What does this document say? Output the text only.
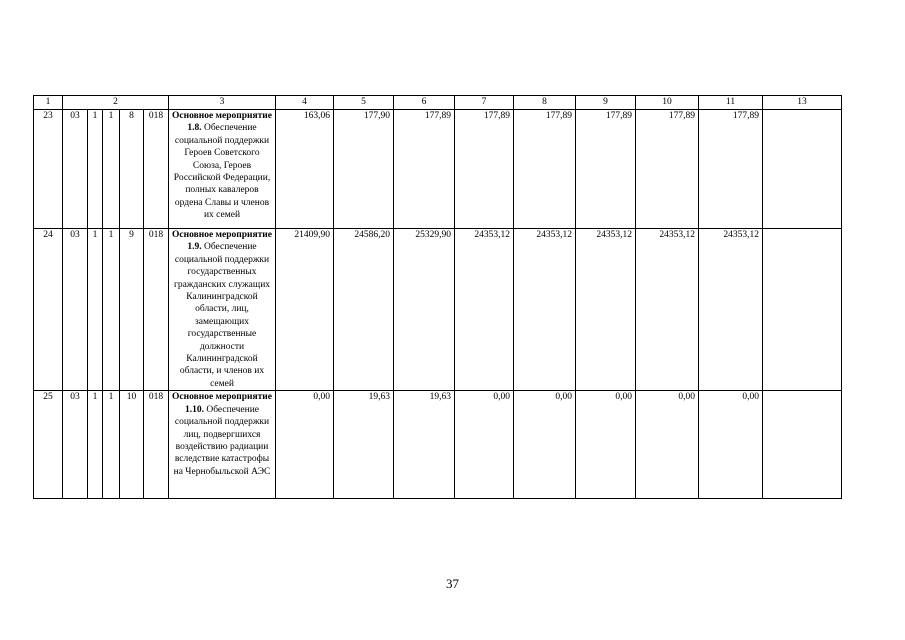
1	2					3	4	5	6	7	8	9	10	11	13
23	03	1	1	8	018	Основное мероприятие 1.8. Обеспечение социальной поддержки Героев Советского Союза, Героев Российской Федерации, полных кавалеров ордена Славы и членов их семей	163,06	177,90	177,89	177,89	177,89	177,89	177,89	177,89	
24	03	1	1	9	018	Основное мероприятие 1.9. Обеспечение социальной поддержки государственных гражданских служащих Калининградской области, лиц, замещающих государственные должности Калининградской области, и членов их семей	21409,90	24586,20	25329,90	24353,12	24353,12	24353,12	24353,12	24353,12	
25	03	1	1	10	018	Основное мероприятие 1.10. Обеспечение социальной поддержки лиц, подвергшихся воздействию радиации вследствие катастрофы на Чернобыльской АЭС	0,00	19,63	19,63	0,00	0,00	0,00	0,00	0,00	
37
